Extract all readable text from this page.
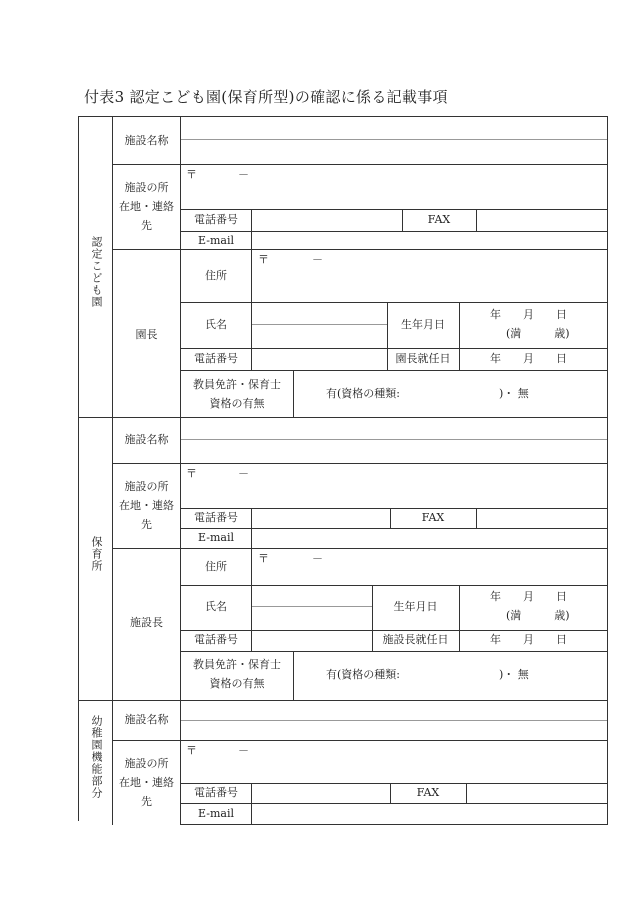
付表3 認定こども園(保育所型)の確認に係る記載事項
認定こども園
施設名称
施設の所
在地・連絡
先
〒	－
電話番号	FAX
E-mail
園長
住所
〒	－
氏名	生年月日
年　　月　　日
(満　　　歳)
電話番号	園長就任日	年　　月　　日
教員免許・保育士
資格の有無
有(資格の種類:　　　　　　　　　)・ 無
保育所
施設名称
施設の所
在地・連絡
先
〒	－
電話番号	FAX
E-mail
施設長
住所
〒	－
氏名	生年月日
年　　月　　日
(満　　　歳)
電話番号	施設長就任日	年　　月　　日
教員免許・保育士
資格の有無
有(資格の種類:　　　　　　　　　)・ 無
幼稚園機能部分	施設名称
施設の所
在地・連絡
先
〒	－
電話番号	FAX
E-mail
